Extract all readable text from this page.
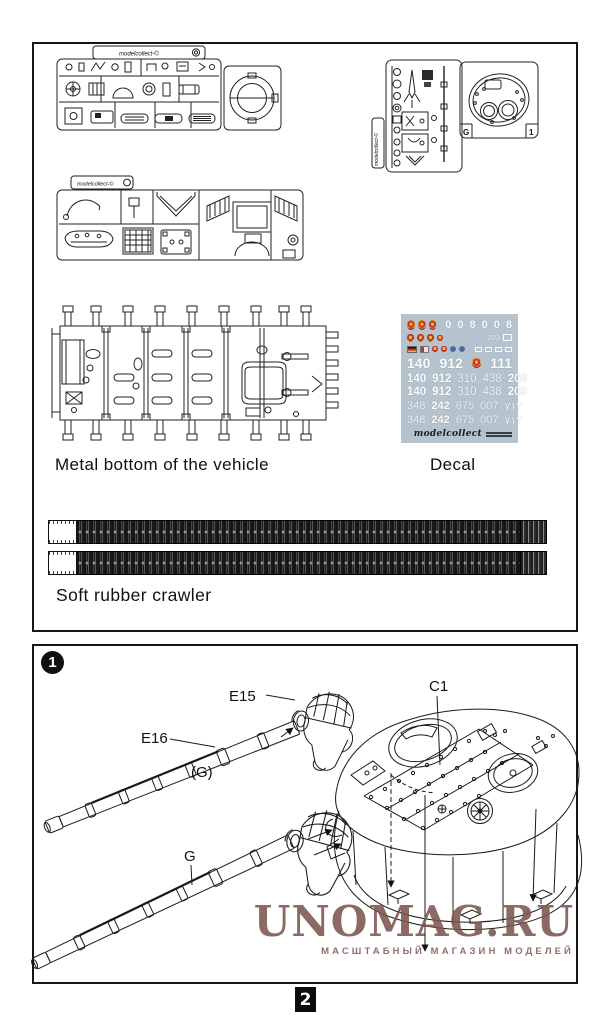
modelcollect-©
G	1
modelcollect-©
modelcollect-©
0 0 8 0 0 8
203
140 912 111
140 912 310 438 203
140 912 310 438 203
348 242 675 007 ٧١٢
348 242 675 007 ٧١٢
modelcollect
Metal bottom of the vehicle	Decal
Soft rubber crawler
1
E15
E16
(G)
C1
G
UNOMAG.RU
МАСШТАБНЫЙ МАГАЗИН МОДЕЛЕЙ
2
